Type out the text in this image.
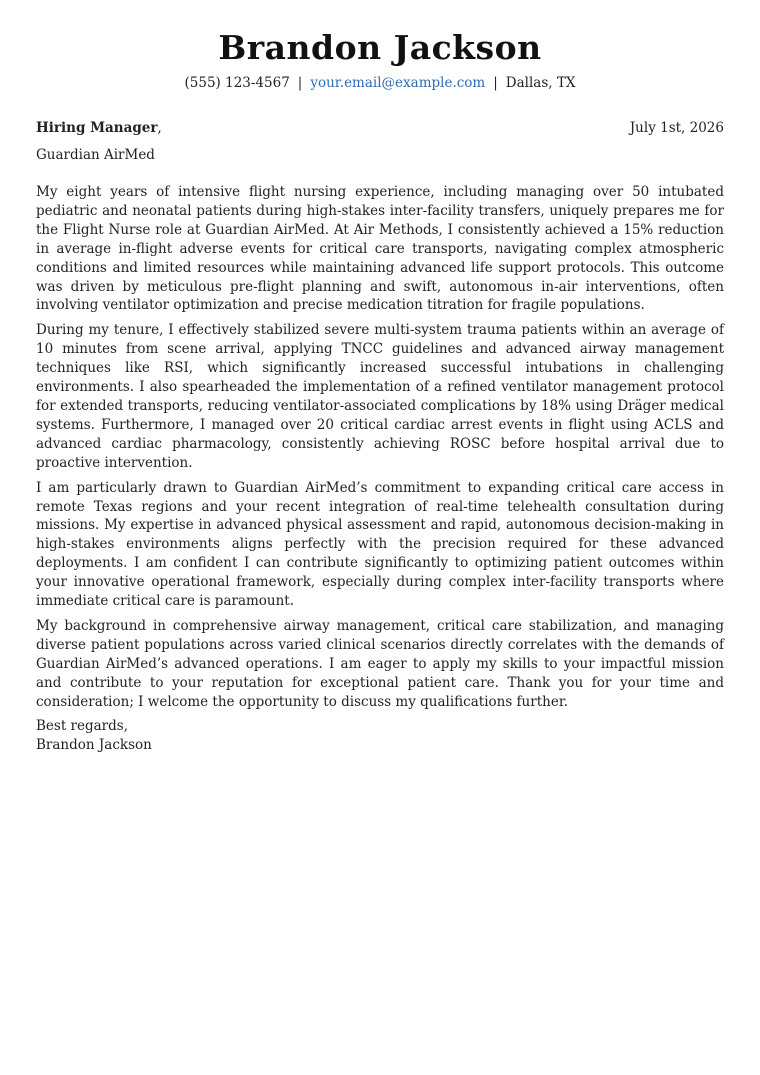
Brandon Jackson
(555) 123-4567 | your.email@example.com | Dallas, TX
Hiring Manager,	July 1st, 2026
Guardian AirMed

My eight years of intensive flight nursing experience, including managing over 50 intubated pediatric and neonatal patients during high-stakes inter-facility transfers, uniquely prepares me for the Flight Nurse role at Guardian AirMed. At Air Methods, I consistently achieved a 15% reduction in average in-flight adverse events for critical care transports, navigating complex atmospheric conditions and limited resources while maintaining advanced life support protocols. This outcome was driven by meticulous pre-flight planning and swift, autonomous in-air interventions, often involving ventilator optimization and precise medication titration for fragile populations.

During my tenure, I effectively stabilized severe multi-system trauma patients within an average of 10 minutes from scene arrival, applying TNCC guidelines and advanced airway management techniques like RSI, which significantly increased successful intubations in challenging environments. I also spearheaded the implementation of a refined ventilator management protocol for extended transports, reducing ventilator-associated complications by 18% using Dräger medical systems. Furthermore, I managed over 20 critical cardiac arrest events in flight using ACLS and advanced cardiac pharmacology, consistently achieving ROSC before hospital arrival due to proactive intervention.

I am particularly drawn to Guardian AirMed’s commitment to expanding critical care access in remote Texas regions and your recent integration of real-time telehealth consultation during missions. My expertise in advanced physical assessment and rapid, autonomous decision-making in high-stakes environments aligns perfectly with the precision required for these advanced deployments. I am confident I can contribute significantly to optimizing patient outcomes within your innovative operational framework, especially during complex inter-facility transports where immediate critical care is paramount.

My background in comprehensive airway management, critical care stabilization, and managing diverse patient populations across varied clinical scenarios directly correlates with the demands of Guardian AirMed’s advanced operations. I am eager to apply my skills to your impactful mission and contribute to your reputation for exceptional patient care. Thank you for your time and consideration; I welcome the opportunity to discuss my qualifications further.

Best regards,
Brandon Jackson
